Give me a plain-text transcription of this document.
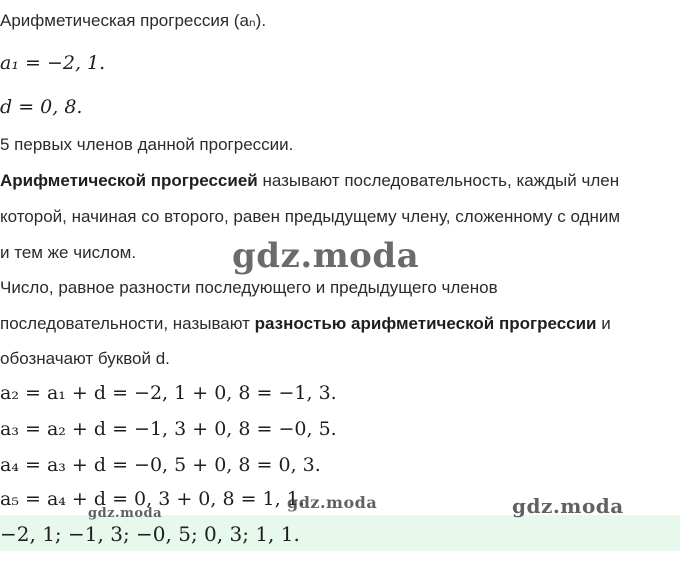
Арифметическая прогрессия (aₙ).
a₁ = −2, 1.
d = 0, 8.
5 первых членов данной прогрессии.
Арифметической прогрессией называют последовательность, каждый член
которой, начиная со второго, равен предыдущему члену, сложенному с одним
и тем же числом.
Число, равное разности последующего и предыдущего членов
последовательности, называют разностью арифметической прогрессии и
обозначают буквой d.
a₂ = a₁ + d = −2, 1 + 0, 8 = −1, 3.
a₃ = a₂ + d = −1, 3 + 0, 8 = −0, 5.
a₄ = a₃ + d = −0, 5 + 0, 8 = 0, 3.
a₅ = a₄ + d = 0, 3 + 0, 8 = 1, 1.
−2, 1; −1, 3; −0, 5; 0, 3; 1, 1.
gdz.moda
gdz.moda
gdz.moda
gdz.moda
